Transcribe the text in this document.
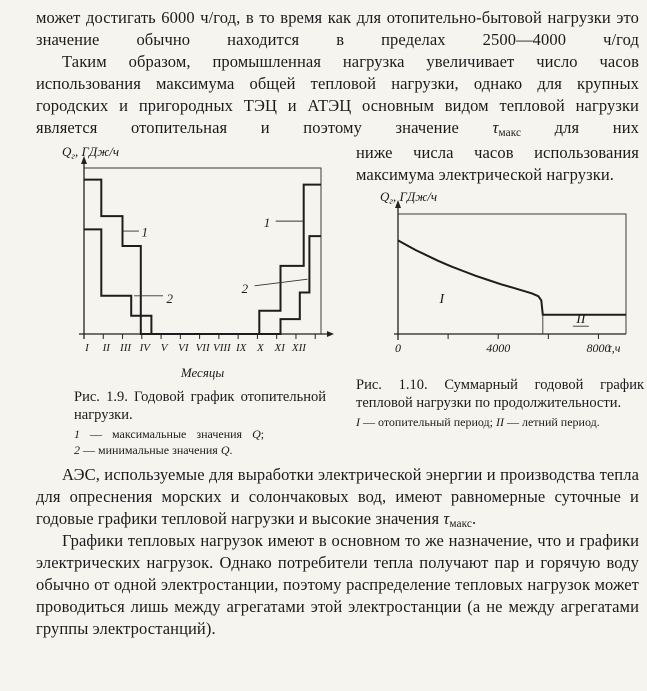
может достигать 6000 ч/год, в то время как для отопительно-бытовой нагрузки это значение обычно находится в пределах 2500—4000 ч/год

Таким образом, промышленная нагрузка увеличивает число часов использования максимума общей тепловой нагрузки, однако для крупных городских и пригородных ТЭЦ и АТЭЦ основным видом тепловой нагрузки является отопительная и поэтому значение $\tau_{макс}$ для них

I II III IV V VI VII VIII IX X XI XII
$Q_г$, ГДж/ч
Месяцы
1
2
1
2
Рис. 1.9. Годовой график отопительной нагрузки.
1 — максимальные значения Q;
2 — минимальные значения Q.

ниже числа часов использования максимума электрической нагрузки.

0	4000	8000
τ,ч
$Q_г$, ГДж/ч
I
II
Рис. 1.10. Суммарный годовой график тепловой нагрузки по продолжительности.
I — отопительный период; II — летний период.

АЭС, используемые для выработки электрической энергии и производства тепла для опреснения морских и солончаковых вод, имеют равномерные суточные и годовые графики тепловой нагрузки и высокие значения $\tau_{макс}$.

Графики тепловых нагрузок имеют в основном то же назначение, что и графики электрических нагрузок. Однако потребители тепла получают пар и горячую воду обычно от одной электростанции, поэтому распределение тепловых нагрузок может проводиться лишь между агрегатами этой электростанции (а не между агрегатами группы электростанций).
